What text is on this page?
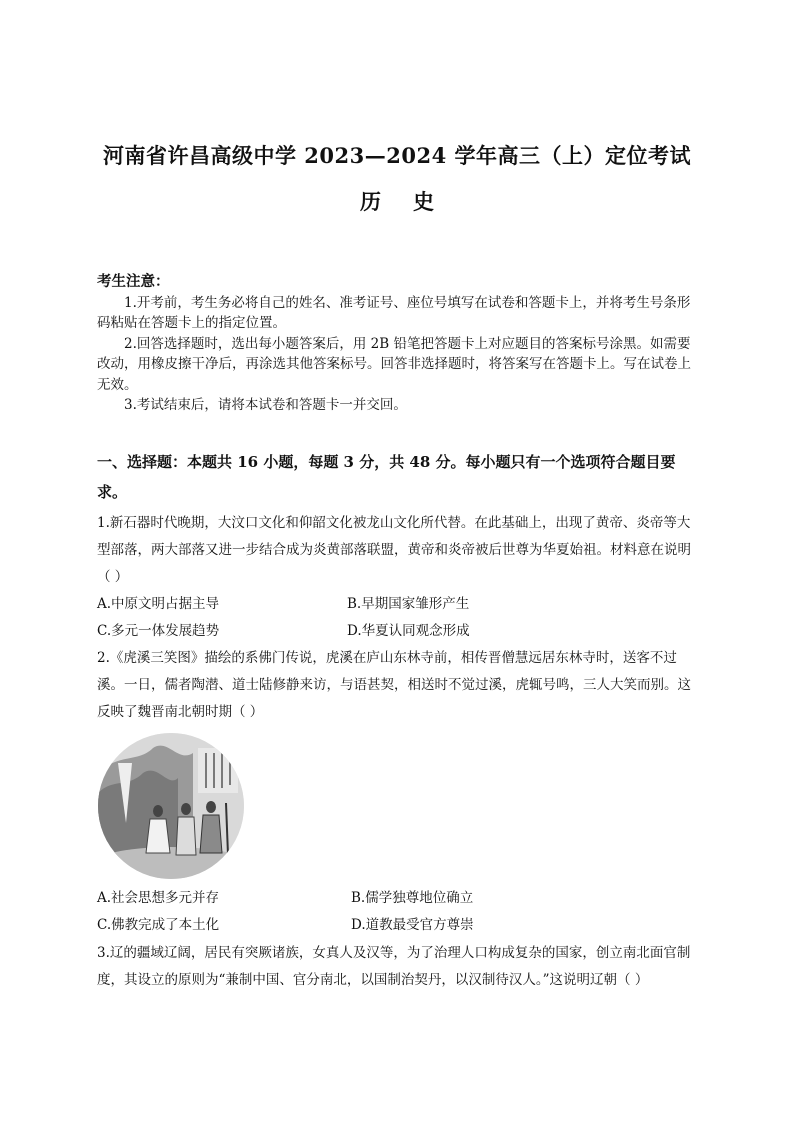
河南省许昌高级中学 2023—2024 学年高三（上）定位考试
历史
考生注意：

1.开考前，考生务必将自己的姓名、准考证号、座位号填写在试卷和答题卡上，并将考生号条形码粘贴在答题卡上的指定位置。

2.回答选择题时，选出每小题答案后，用 2B 铅笔把答题卡上对应题目的答案标号涂黑。如需要改动，用橡皮擦干净后，再涂选其他答案标号。回答非选择题时，将答案写在答题卡上。写在试卷上无效。

3.考试结束后，请将本试卷和答题卡一并交回。

一、选择题：本题共 16 小题，每题 3 分，共 48 分。每小题只有一个选项符合题目要求。
1.新石器时代晚期，大汶口文化和仰韶文化被龙山文化所代替。在此基础上，出现了黄帝、炎帝等大型部落，两大部落又进一步结合成为炎黄部落联盟，黄帝和炎帝被后世尊为华夏始祖。材料意在说明（ ）
A.中原文明占据主导	B.早期国家雏形产生
C.多元一体发展趋势	D.华夏认同观念形成
2.《虎溪三笑图》描绘的系佛门传说，虎溪在庐山东林寺前，相传晋僧慧远居东林寺时，送客不过溪。一日，儒者陶潜、道士陆修静来访，与语甚契，相送时不觉过溪，虎辄号鸣，三人大笑而别。这反映了魏晋南北朝时期（ ）
A.社会思想多元并存	B.儒学独尊地位确立
C.佛教完成了本土化	D.道教最受官方尊崇
3.辽的疆域辽阔，居民有突厥诸族，女真人及汉等，为了治理人口构成复杂的国家，创立南北面官制度，其设立的原则为“兼制中国、官分南北，以国制治契丹，以汉制待汉人。”这说明辽朝（ ）
